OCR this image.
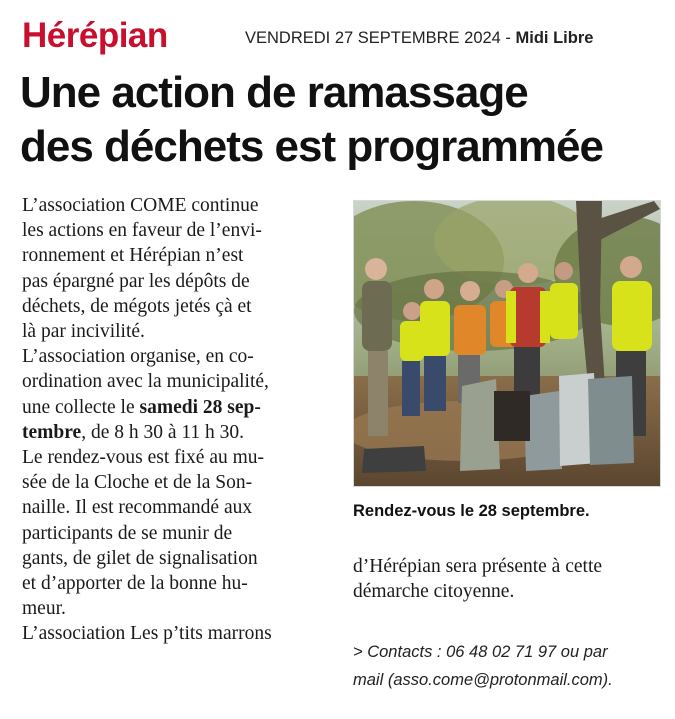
Hérépian	VENDREDI 27 SEPTEMBRE 2024 - Midi Libre
Une action de ramassage
des déchets est programmée

L’association COME continue
les actions en faveur de l’envi-
ronnement et Hérépian n’est
pas épargné par les dépôts de
déchets, de mégots jetés çà et
là par incivilité.

L’association organise, en co-
ordination avec la municipalité,
une collecte le samedi 28 sep-
tembre, de 8 h 30 à 11 h 30.

Le rendez-vous est fixé au mu-
sée de la Cloche et de la Son-
naille. Il est recommandé aux
participants de se munir de
gants, de gilet de signalisation
et d’apporter de la bonne hu-
meur.

L’association Les p’tits marrons

Rendez-vous le 28 septembre.
d’Hérépian sera présente à cette
démarche citoyenne.
> Contacts : 06 48 02 71 97 ou par
mail (asso.come@protonmail.com).
